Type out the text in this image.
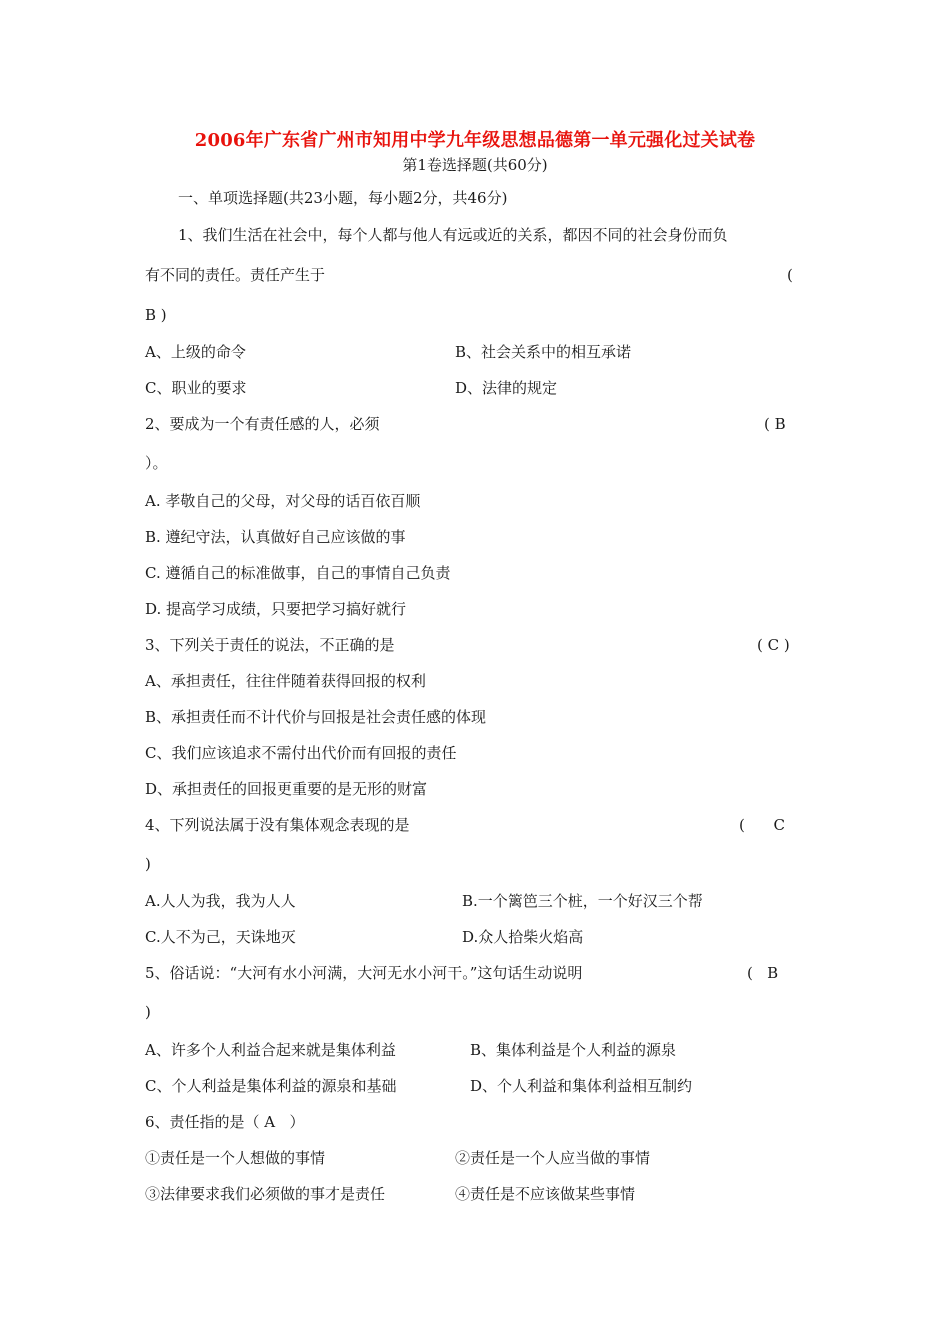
2006年广东省广州市知用中学九年级思想品德第一单元强化过关试卷
第1卷选择题(共60分)
一、单项选择题(共23小题，每小题2分，共46分)
1、我们生活在社会中，每个人都与他人有远或近的关系，都因不同的社会身份而负
有不同的责任。责任产生于	(
B )
A、上级的命令	B、社会关系中的相互承诺
C、职业的要求	D、法律的规定
2、要成为一个有责任感的人，必须	( B
）。
A. 孝敬自己的父母，对父母的话百依百顺
B. 遵纪守法，认真做好自己应该做的事
C. 遵循自己的标准做事，自己的事情自己负责
D. 提高学习成绩，只要把学习搞好就行
3、下列关于责任的说法，不正确的是	( C )
A、承担责任，往往伴随着获得回报的权利
B、承担责任而不计代价与回报是社会责任感的体现
C、我们应该追求不需付出代价而有回报的责任
D、承担责任的回报更重要的是无形的财富
4、下列说法属于没有集体观念表现的是	(      C
)
A.人人为我，我为人人	B.一个篱笆三个桩，一个好汉三个帮
C.人不为己，天诛地灭	D.众人拾柴火焰高
5、俗话说：“大河有水小河满，大河无水小河干。”这句话生动说明	(   B
)
A、许多个人利益合起来就是集体利益	B、集体利益是个人利益的源泉
C、个人利益是集体利益的源泉和基础	D、个人利益和集体利益相互制约
6、责任指的是（ A   ）
①责任是一个人想做的事情	②责任是一个人应当做的事情
③法律要求我们必须做的事才是责任	④责任是不应该做某些事情
